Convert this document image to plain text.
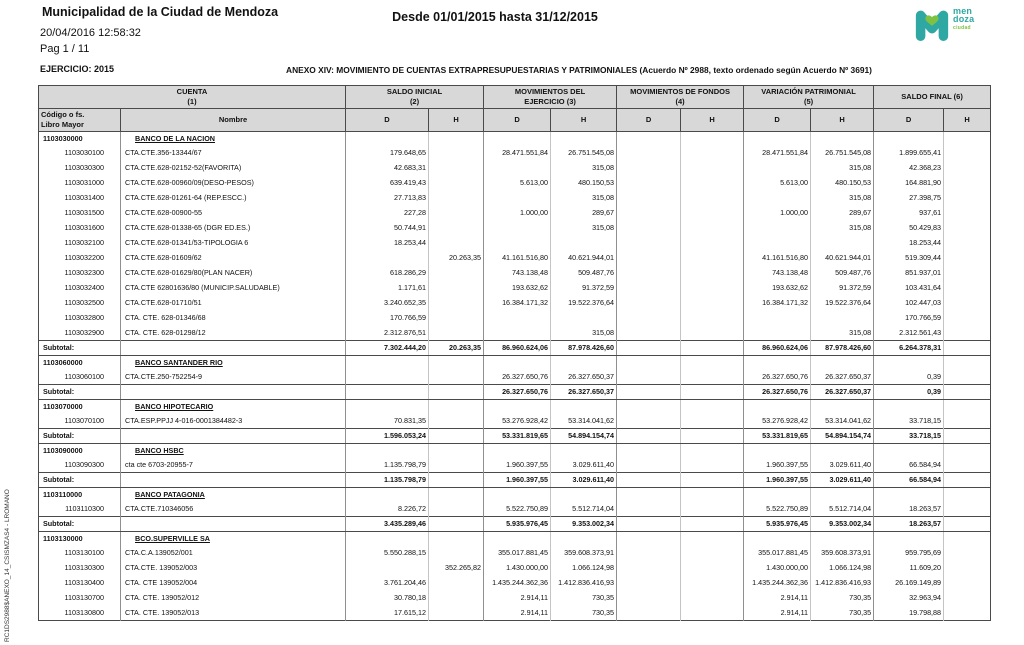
Municipalidad de la Ciudad de Mendoza
20/04/2016 12:58:32
Pag 1 / 11
Desde 01/01/2015 hasta 31/12/2015
EJERCICIO: 2015	ANEXO XIV: MOVIMIENTO DE CUENTAS EXTRAPRESUPUESTARIAS Y PATRIMONIALES (Acuerdo Nº 2988, texto ordenado según Acuerdo Nº 3691)
men
doza
ciudad
RC1DS2988$ANEXO_14_CSISMZAS4 - LROMANO
CUENTA
(1)		SALDO INICIAL
(2)		MOVIMIENTOS DEL
EJERCICIO (3)		MOVIMIENTOS DE FONDOS
(4)		VARIACIÓN PATRIMONIAL
(5)		SALDO FINAL (6)	

Código o fs.
Libro Mayor	Nombre	D	H	D	H	D	H	D	H	D	H
1103030000	BANCO DE LA NACION										
1103030100	CTA.CTE.356-13344/67	179.648,65		28.471.551,84	26.751.545,08			28.471.551,84	26.751.545,08	1.899.655,41	
1103030300	CTA.CTE.628-02152-52(FAVORITA)	42.683,31			315,08				315,08	42.368,23	
1103031000	CTA.CTE.628-00960/09(DESO-PESOS)	639.419,43		5.613,00	480.150,53			5.613,00	480.150,53	164.881,90	
1103031400	CTA.CTE.628-01261-64 (REP.ESCC.)	27.713,83			315,08				315,08	27.398,75	
1103031500	CTA.CTE.628-00900-55	227,28		1.000,00	289,67			1.000,00	289,67	937,61	
1103031600	CTA.CTE.628-01338-65 (DGR ED.ES.)	50.744,91			315,08				315,08	50.429,83	
1103032100	CTA.CTE.628-01341/53-TIPOLOGIA 6	18.253,44								18.253,44	
1103032200	CTA.CTE.628-01609/62		20.263,35	41.161.516,80	40.621.944,01			41.161.516,80	40.621.944,01	519.309,44	
1103032300	CTA.CTE.628-01629/80(PLAN NACER)	618.286,29		743.138,48	509.487,76			743.138,48	509.487,76	851.937,01	
1103032400	CTA.CTE 62801636/80 (MUNICIP.SALUDABLE)	1.171,61		193.632,62	91.372,59			193.632,62	91.372,59	103.431,64	
1103032500	CTA.CTE.628-01710/51	3.240.652,35		16.384.171,32	19.522.376,64			16.384.171,32	19.522.376,64	102.447,03	
1103032800	CTA. CTE. 628-01346/68	170.766,59								170.766,59	
1103032900	CTA. CTE. 628-01298/12	2.312.876,51			315,08				315,08	2.312.561,43	
Subtotal:		7.302.444,20	20.263,35	86.960.624,06	87.978.426,60			86.960.624,06	87.978.426,60	6.264.378,31	
1103060000	BANCO SANTANDER RIO										
1103060100	CTA.CTE.250-752254-9			26.327.650,76	26.327.650,37			26.327.650,76	26.327.650,37	0,39	
Subtotal:				26.327.650,76	26.327.650,37			26.327.650,76	26.327.650,37	0,39	
1103070000	BANCO HIPOTECARIO										
1103070100	CTA.ESP.PPJJ 4-016-0001384482-3	70.831,35		53.276.928,42	53.314.041,62			53.276.928,42	53.314.041,62	33.718,15	
Subtotal:		1.596.053,24		53.331.819,65	54.894.154,74			53.331.819,65	54.894.154,74	33.718,15	
1103090000	BANCO HSBC										
1103090300	cta cte 6703-20955-7	1.135.798,79		1.960.397,55	3.029.611,40			1.960.397,55	3.029.611,40	66.584,94	
Subtotal:		1.135.798,79		1.960.397,55	3.029.611,40			1.960.397,55	3.029.611,40	66.584,94	
1103110000	BANCO PATAGONIA										
1103110300	CTA.CTE.710346056	8.226,72		5.522.750,89	5.512.714,04			5.522.750,89	5.512.714,04	18.263,57	
Subtotal:		3.435.289,46		5.935.976,45	9.353.002,34			5.935.976,45	9.353.002,34	18.263,57	
1103130000	BCO.SUPERVILLE SA										
1103130100	CTA.C.A.139052/001	5.550.288,15		355.017.881,45	359.608.373,91			355.017.881,45	359.608.373,91	959.795,69	
1103130300	CTA.CTE. 139052/003		352.265,82	1.430.000,00	1.066.124,98			1.430.000,00	1.066.124,98	11.609,20	
1103130400	CTA. CTE 139052/004	3.761.204,46		1.435.244.362,36	1.412.836.416,93			1.435.244.362,36	1.412.836.416,93	26.169.149,89	
1103130700	CTA. CTE. 139052/012	30.780,18		2.914,11	730,35			2.914,11	730,35	32.963,94	
1103130800	CTA. CTE. 139052/013	17.615,12		2.914,11	730,35			2.914,11	730,35	19.798,88	
